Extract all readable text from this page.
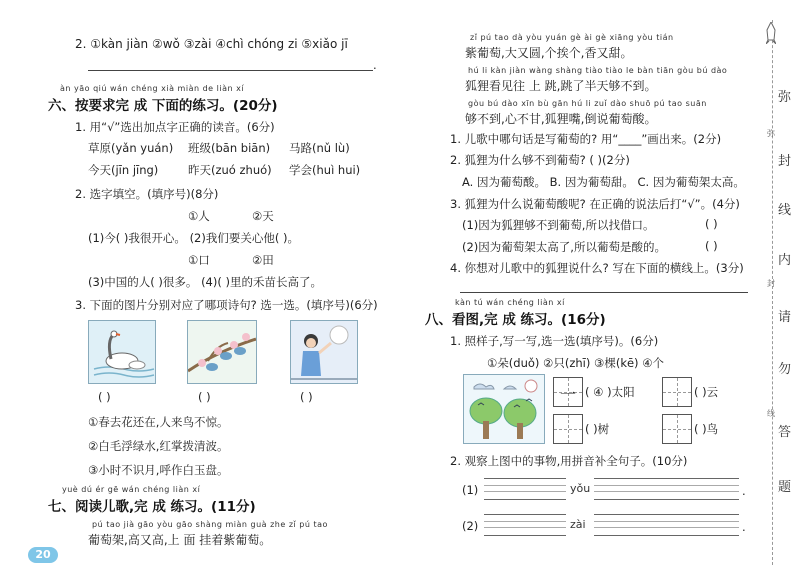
2. ①kàn jiàn ②wǒ ③zài ④chì chóng zi ⑤xiǎo jī
.
àn yāo qiú wán chéng xià miàn de liàn xí
六、按要求完 成 下面的练习。(20分)
1. 用“√”选出加点字正确的读音。(6分)
草原(yǎn yuán) 班级(bān biān) 马路(nǔ lù)
今天(jīn jīng)	昨天(zuó zhuó) 学会(huì hui)
2. 选字填空。(填序号)(8分)
①人	②天
(1)今( )我很开心。 (2)我们要关心他( )。
①口	②田
(3)中国的人( )很多。 (4)( )里的禾苗长高了。
3. 下面的图片分别对应了哪项诗句? 选一选。(填序号)(6分)
( )	( )	( )
①春去花还在,人来鸟不惊。
②白毛浮绿水,红掌拨清波。
③小时不识月,呼作白玉盘。
yuè dú ér gē wán chéng liàn xí
七、阅读儿歌,完 成 练习。(11分)
pú tao jià gāo yòu gāo shàng miàn guà zhe zǐ pú tao
葡萄架,高又高,上 面 挂着紫葡萄。
20
zǐ pú tao dà yòu yuán gè ài gè xiāng yòu tián
紫葡萄,大又圆,个挨个,香又甜。
hú li kàn jiàn wàng shàng tiào tiào le bàn tiān gòu bú dào
狐狸看见往 上 跳,跳了半天够不到。
gòu bú dào xīn bù gān hú li zuǐ dào shuō pú tao suān
够不到,心不甘,狐狸嘴,倒说葡萄酸。
1. 儿歌中哪句话是写葡萄的? 用“____”画出来。(2分)
2. 狐狸为什么够不到葡萄? ( )(2分)
A. 因为葡萄酸。 B. 因为葡萄甜。 C. 因为葡萄架太高。
3. 狐狸为什么说葡萄酸呢? 在正确的说法后打“√”。(4分)
(1)因为狐狸够不到葡萄,所以找借口。	( )
(2)因为葡萄架太高了,所以葡萄是酸的。	( )
4. 你想对儿歌中的狐狸说什么? 写在下面的横线上。(3分)
kàn tú wán chéng liàn xí
八、看图,完 成 练习。(16分)
1. 照样子,写一写,选一选(填序号)。(6分)
①朵(duǒ) ②只(zhī) ③棵(kē) ④个
一 ( ④ )太阳	( )云
( )树	( )鸟
2. 观察上图中的事物,用拼音补全句子。(10分)
(1)	yǒu	.
(2)	zài	.
弥
弥
封
线
内
封
请
勿
线
答
题
